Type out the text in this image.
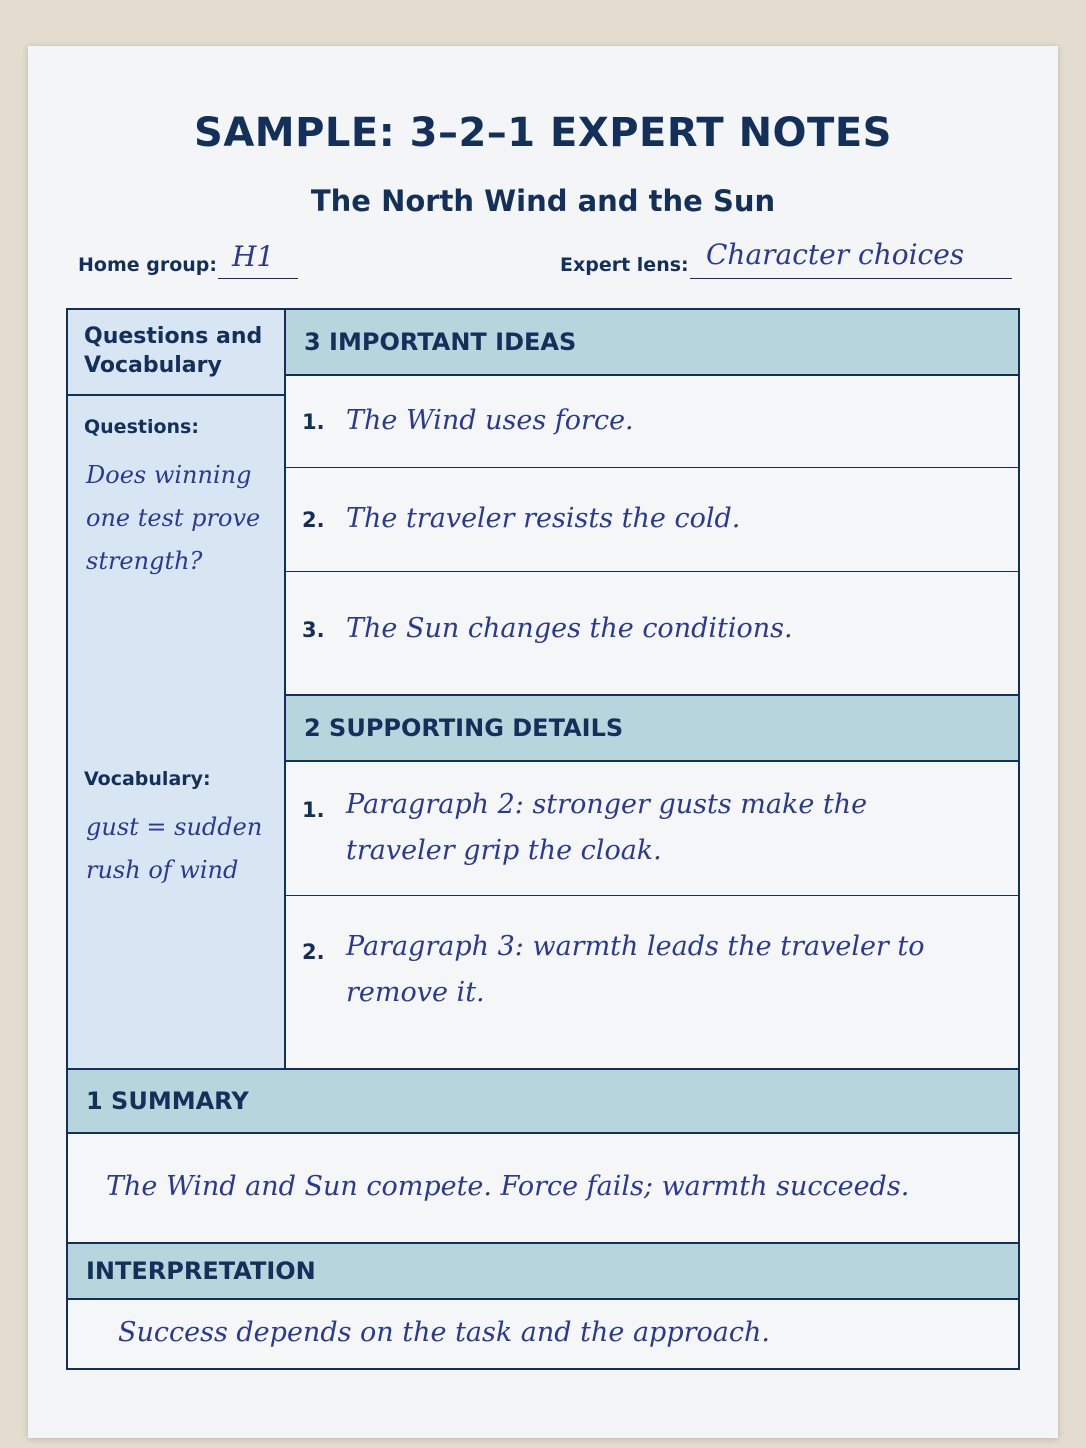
SAMPLE: 3–2–1 EXPERT NOTES
The North Wind and the Sun
Home group: H1	Expert lens: Character choices
Questions and Vocabulary
Questions:
Does winning one test prove strength?
Vocabulary:
gust = sudden rush of wind
3 IMPORTANT IDEAS
1. The Wind uses force.
2. The traveler resists the cold.
3. The Sun changes the conditions.
2 SUPPORTING DETAILS
1. Paragraph 2: stronger gusts make the traveler grip the cloak.
2. Paragraph 3: warmth leads the traveler to remove it.
1 SUMMARY
The Wind and Sun compete. Force fails; warmth succeeds.
INTERPRETATION
Success depends on the task and the approach.
